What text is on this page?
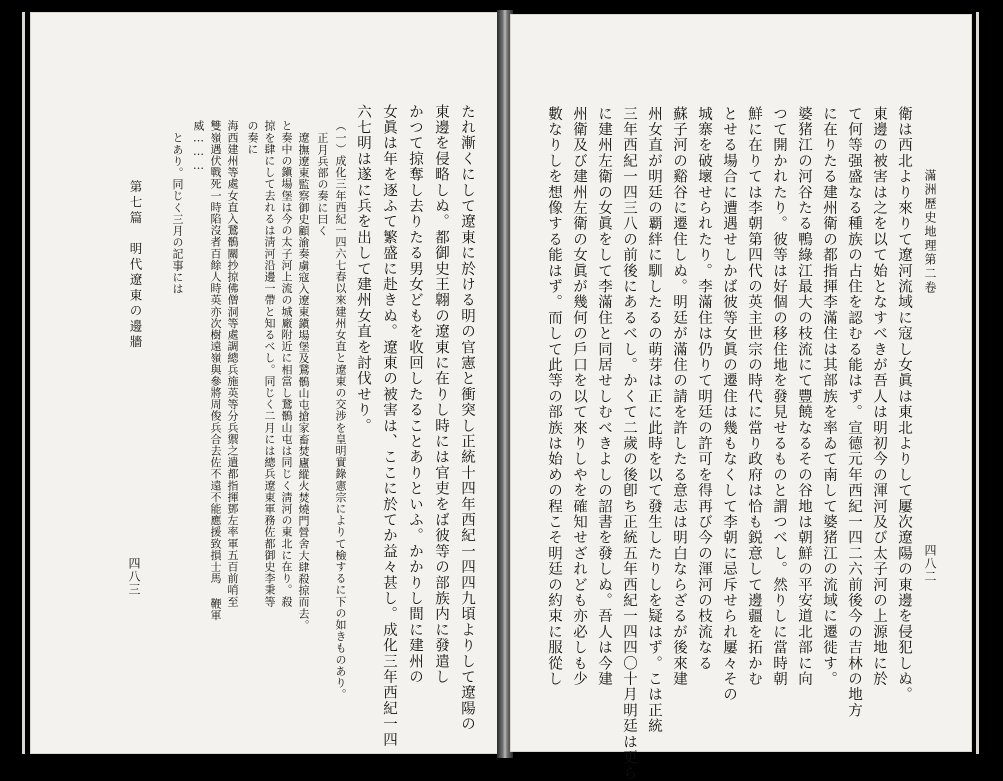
たれ漸くにして遼東に於ける明の官憲と衝突し正統十四年西紀一四四九頃よりして遼陽の
東邊を侵略しぬ。都御史王翺の遼東に在りし時には官吏をば彼等の部族内に發遣し
かつて掠奪し去りたる男女どもを收回したることありといふ。かかりし間に建州の
女眞は年を逐ふて繁盛に赴きぬ。遼東の被害は、ここに於てか益々甚し。成化三年西紀一四
六七明は遂に兵を出して建州女直を討伐せり。
（一）成化三年西紀一四六七春以來建州女直と遼東の交涉を皇明實錄憲宗によりて檢するに下の如きものあり。
正月兵部の奏に曰く
遼撫遼東監察御史顧渝奏虜寇入遼東鎭場堡及鵞鶻山屯搶家畜焚廬縱火焚燒門營舍大肆殺掠而去。
と奏中の鎭場堡は今の太子河上流の城廠附近に相當し鵞鶻山屯は同じく淸河の東北に在り。殺
掠を肆にして去れるは淸河沿邊一帶と知るべし。同じく二月には總兵遼東軍務佐都御史李秉等
の奏に
海西建州等處女直入鵞鶻關抄掠佛僧洞等處調總兵施英等分兵禦之遣都指揮鄧左率軍五百前哨至
雙嶺遇伏戰死一時陷沒者百餘人時英亦次樹遠嶺與參將周俊兵合去佐不遠不能應援致損士馬 鞭軍
威………
とあり。同じく三月の記事には
第七篇　明代遼東の邊牆
四八三
滿洲歷史地理第二卷
四八二
衛は西北より來りて遼河流域に寇し女眞は東北よりして屢次遼陽の東邊を侵犯しぬ。
東邊の被害は之を以て始となすべきが吾人は明初今の渾河及び太子河の上源地に於
て何等强盛なる種族の占住を認むる能はず。宣德元年西紀一四二六前後今の吉林の地方
に在りたる建州衛の都指揮李滿住は其部族を率ゐて南して婆猪江の流域に遷徙す。
婆猪江の河谷たる鴨綠江最大の枝流にて豐饒なるその谷地は朝鮮の平安道北部に向
つて開かれたり。彼等は好個の移住地を發見せるものと謂つべし。然りしに當時朝
鮮に在りては李朝第四代の英主世宗の時代に當り政府は恰も鋭意して邊疆を拓かむ
とせる場合に遭遇せしかば彼等女眞の遷住は幾もなくして李朝に忌斥せられ屢々その
城寨を破壞せられたり。李滿住は仍りて明廷の許可を得再び今の渾河の枝流なる
蘇子河の谿谷に遷住しぬ。明廷が滿住の請を許したる意志は明白ならざるが後來建
州女直が明廷の覇絆に馴したるの萌芽は正に此時を以て發生したりしを疑はず。こは正統
三年西紀一四三八の前後にあるべし。かくて二歲の後卽ち正統五年西紀一四四〇十月明廷は更ら
に建州左衛の女眞をして李滿住と同居せしむべきよしの詔書を發しぬ。吾人は今建
州衛及び建州左衛の女眞が幾何の戶口を以て來りしやを確知せざれども亦必しも少
數なりしを想像する能はず。而して此等の部族は始めの程こそ明廷の約束に服從し
